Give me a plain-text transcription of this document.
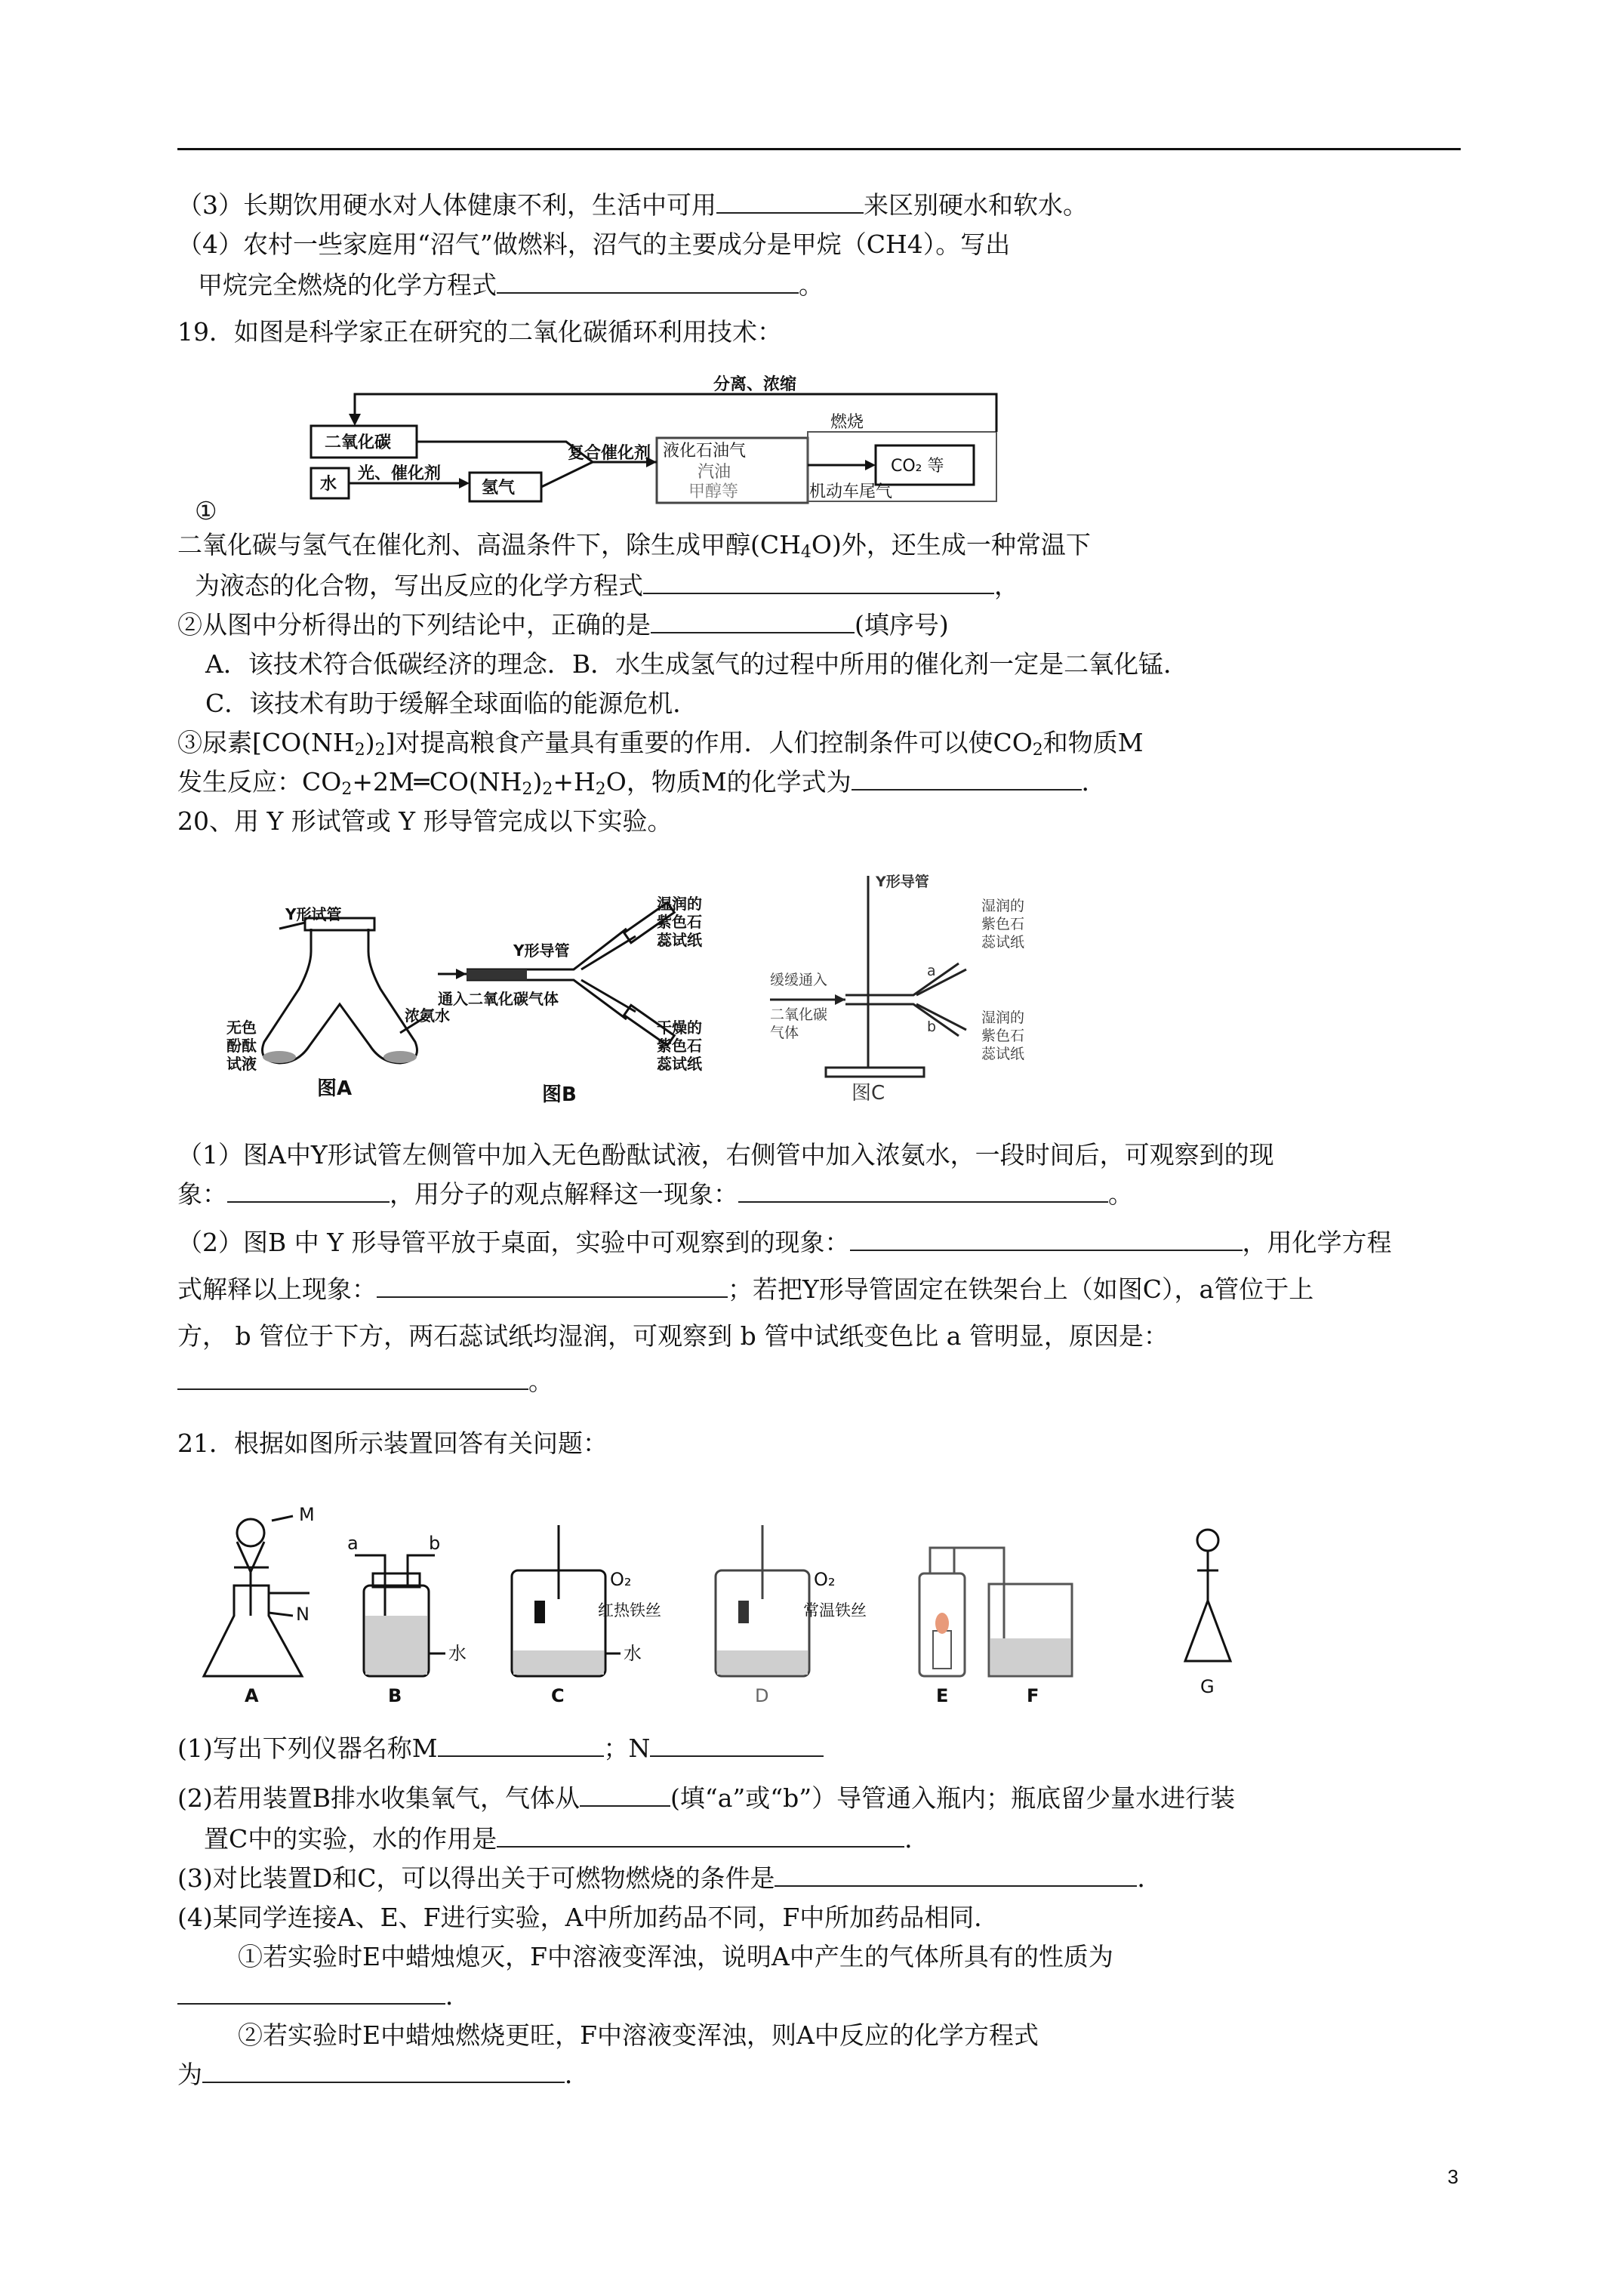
（3）长期饮用硬水对人体健康不利，生活中可用	来区别硬水和软水。
（4）农村一些家庭用“沼气”做燃料，沼气的主要成分是甲烷（CH4）。写出
甲烷完全燃烧的化学方程式	。
19．如图是科学家正在研究的二氧化碳循环利用技术：
二氧化碳
水
光、催化剂
氢气
复合催化剂 液化石油气
汽油
甲醇等
分离、浓缩
燃烧
CO₂ 等
机动车尾气
①
二氧化碳与氢气在催化剂、高温条件下，除生成甲醇$(CH_4O)$外，还生成一种常温下
为液态的化合物，写出反应的化学方程式	，
②从图中分析得出的下列结论中，正确的是	(填序号)
A．该技术符合低碳经济的理念．B．水生成氢气的过程中所用的催化剂一定是二氧化锰．
C．该技术有助于缓解全球面临的能源危机．
③尿素$[CO(NH_2)_2]$对提高粮食产量具有重要的作用．人们控制条件可以使$CO_2$和物质M
发生反应：$CO_2+2M═CO(NH_2)_2+H_2O$，物质M的化学式为	．
20、用 Y 形试管或 Y 形导管完成以下实验。
Y形试管
无色
酚酞
试液
浓氨水
图A
Y形导管
通入二氧化碳气体
湿润的
紫色石
蕊试纸
干燥的
紫色石
蕊试纸
图B
Y形导管
缓缓通入
二氧化碳
气体
湿润的
紫色石
蕊试纸
湿润的
紫色石
蕊试纸
a
b
图C
（1）图A中Y形试管左侧管中加入无色酚酞试液，右侧管中加入浓氨水，一段时间后，可观察到的现
象：	，用分子的观点解释这一现象：	。
（2）图B 中 Y 形导管平放于桌面，实验中可观察到的现象：	，用化学方程
式解释以上现象：	；若把Y形导管固定在铁架台上（如图C），a管位于上
方， b 管位于下方，两石蕊试纸均湿润，可观察到 b 管中试纸变色比 a 管明显，原因是：
。
21．根据如图所示装置回答有关问题：
M
N
a	b
水
O₂
红热铁丝
水
O₂
常温铁丝
A	B	C	D	E	F	G
(1)写出下列仪器名称M	；N
(2)若用装置B排水收集氧气，气体从	(填“a”或“b”）导管通入瓶内；瓶底留少量水进行装
置C中的实验，水的作用是	．
(3)对比装置D和C，可以得出关于可燃物燃烧的条件是	．
(4)某同学连接A、E、F进行实验，A中所加药品不同，F中所加药品相同．
①若实验时E中蜡烛熄灭，F中溶液变浑浊，说明A中产生的气体所具有的性质为
．
②若实验时E中蜡烛燃烧更旺，F中溶液变浑浊，则A中反应的化学方程式
为	．
3
